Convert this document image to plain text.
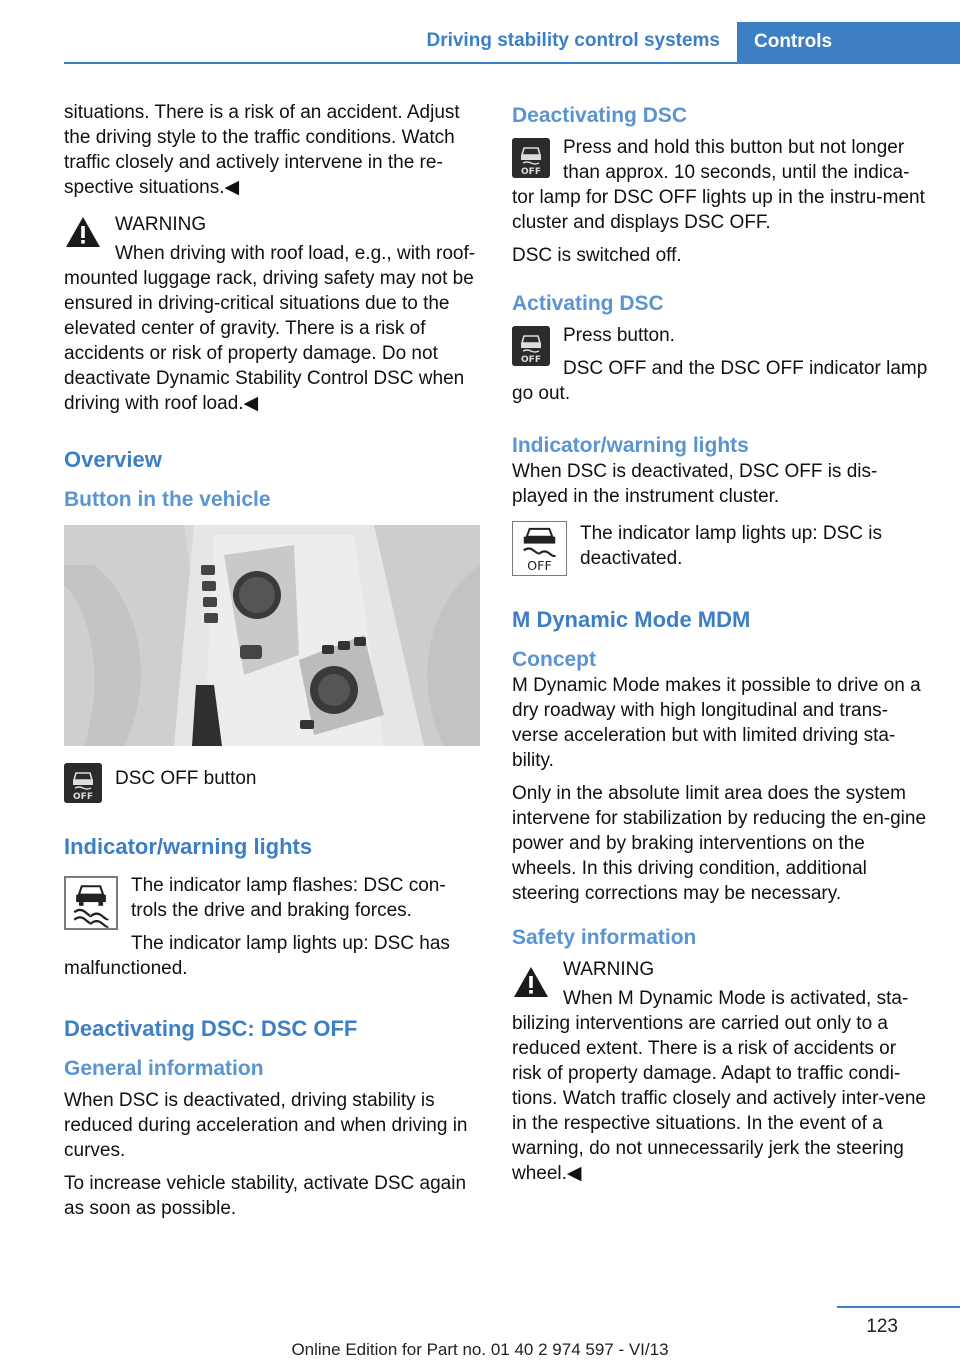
Driving stability control systems	Controls

situations. There is a risk of an accident. Adjust the driving style to the traffic conditions. Watch traffic closely and actively intervene in the re-spective situations.◀

WARNING

When driving with roof load, e.g., with roof-mounted luggage rack, driving safety may not be ensured in driving-critical situations due to the elevated center of gravity. There is a risk of accidents or risk of property damage. Do not deactivate Dynamic Stability Control DSC when driving with roof load.◀

Overview
Button in the vehicle
OFF

DSC OFF button

Indicator/warning lights

The indicator lamp flashes: DSC con-trols the drive and braking forces.

The indicator lamp lights up: DSC has malfunctioned.

Deactivating DSC: DSC OFF
General information

When DSC is deactivated, driving stability is reduced during acceleration and when driving in curves.

To increase vehicle stability, activate DSC again as soon as possible.

Deactivating DSC
OFF

Press and hold this button but not longer than approx. 10 seconds, until the indica-tor lamp for DSC OFF lights up in the instru-ment cluster and displays DSC OFF.

DSC is switched off.

Activating DSC
OFF

Press button.

DSC OFF and the DSC OFF indicator lamp go out.

Indicator/warning lights

When DSC is deactivated, DSC OFF is dis-played in the instrument cluster.

OFF

The indicator lamp lights up: DSC is deactivated.

M Dynamic Mode MDM
Concept

M Dynamic Mode makes it possible to drive on a dry roadway with high longitudinal and trans-verse acceleration but with limited driving sta-bility.

Only in the absolute limit area does the system intervene for stabilization by reducing the en-gine power and by braking interventions on the wheels. In this driving condition, additional steering corrections may be necessary.

Safety information

WARNING

When M Dynamic Mode is activated, sta-bilizing interventions are carried out only to a reduced extent. There is a risk of accidents or risk of property damage. Adapt to traffic condi-tions. Watch traffic closely and actively inter-vene in the respective situations. In the event of a warning, do not unnecessarily jerk the steering wheel.◀

123
Online Edition for Part no. 01 40 2 974 597 - VI/13
